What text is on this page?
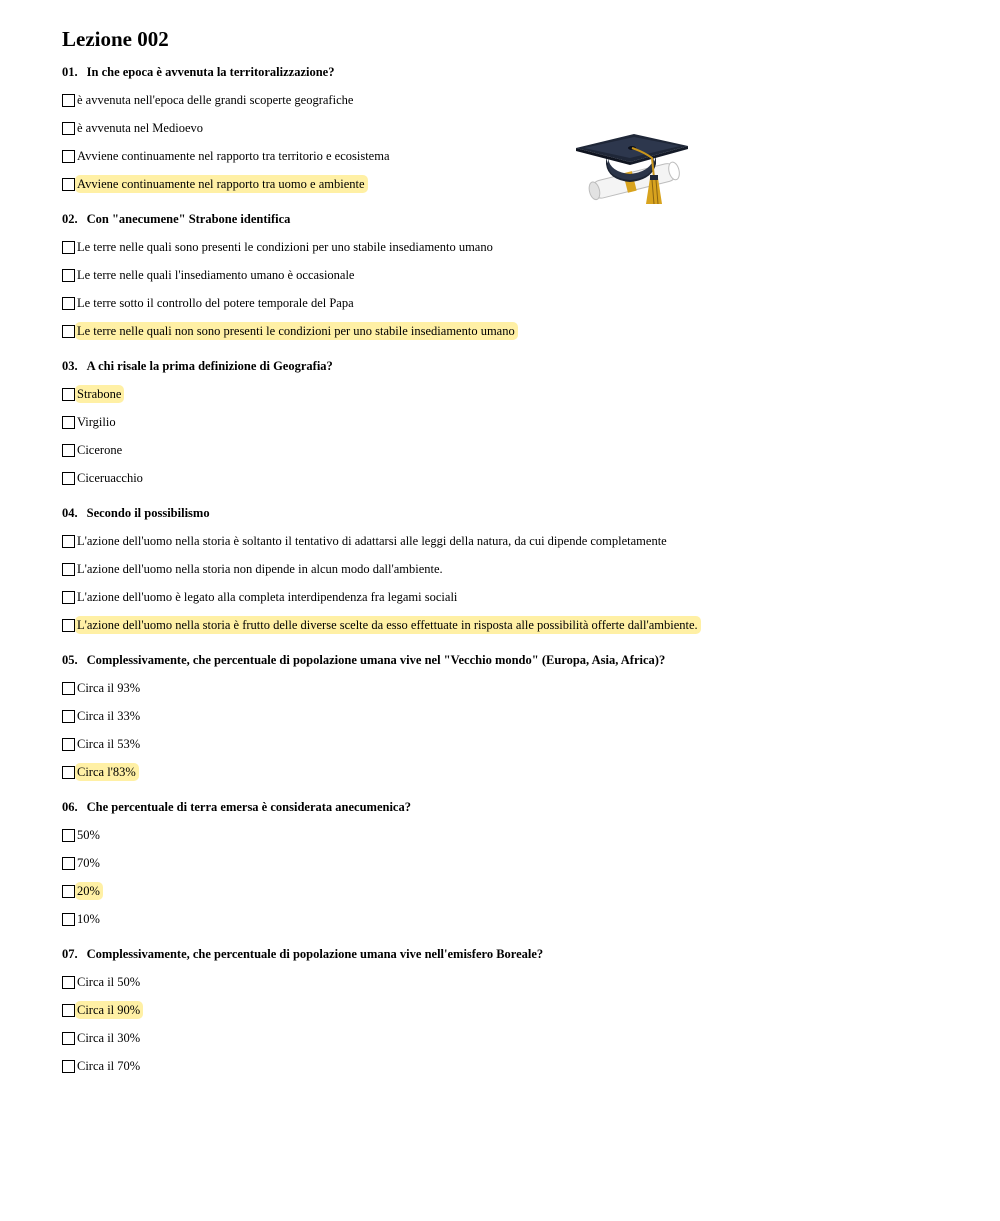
Lezione 002
01. In che epoca è avvenuta la territoralizzazione?
è avvenuta nell'epoca delle grandi scoperte geografiche
è avvenuta nel Medioevo
Avviene continuamente nel rapporto tra territorio e ecosistema
Avviene continuamente nel rapporto tra uomo e ambiente
02. Con "anecumene" Strabone identifica
Le terre nelle quali sono presenti le condizioni per uno stabile insediamento umano
Le terre nelle quali l'insediamento umano è occasionale
Le terre sotto il controllo del potere temporale del Papa
Le terre nelle quali non sono presenti le condizioni per uno stabile insediamento umano
03. A chi risale la prima definizione di Geografia?
Strabone
Virgilio
Cicerone
Ciceruacchio
04. Secondo il possibilismo
L'azione dell'uomo nella storia è soltanto il tentativo di adattarsi alle leggi della natura, da cui dipende completamente
L'azione dell'uomo nella storia non dipende in alcun modo dall'ambiente.
L'azione dell'uomo è legato alla completa interdipendenza fra legami sociali
L'azione dell'uomo nella storia è frutto delle diverse scelte da esso effettuate in risposta alle possibilità offerte dall'ambiente.
05. Complessivamente, che percentuale di popolazione umana vive nel "Vecchio mondo" (Europa, Asia, Africa)?
Circa il 93%
Circa il 33%
Circa il 53%
Circa l'83%
06. Che percentuale di terra emersa è considerata anecumenica?
50%
70%
20%
10%
07. Complessivamente, che percentuale di popolazione umana vive nell'emisfero Boreale?
Circa il 50%
Circa il 90%
Circa il 30%
Circa il 70%
